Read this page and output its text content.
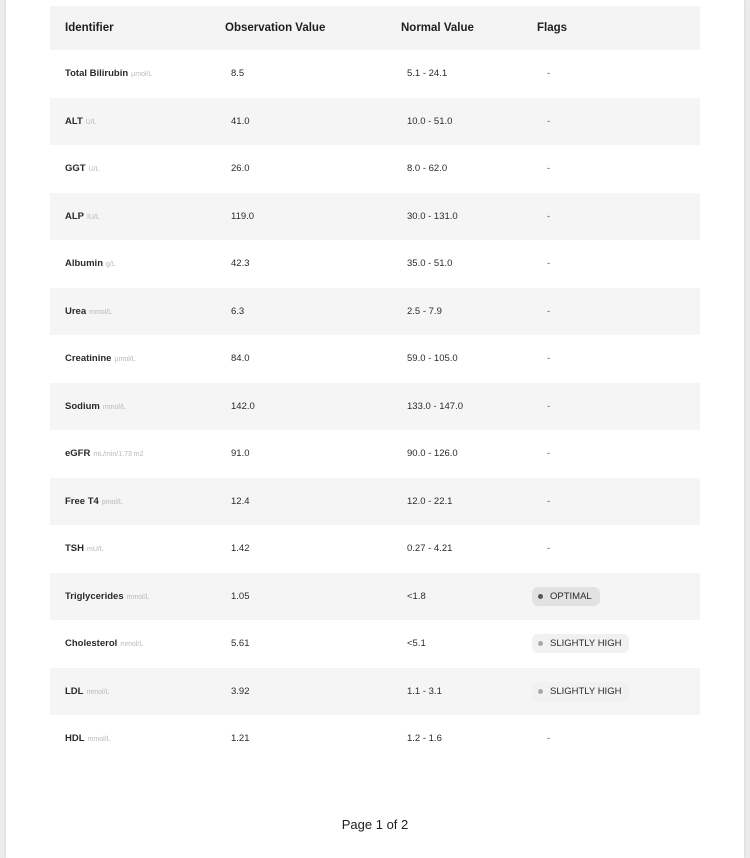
Identifier	Observation Value	Normal Value	Flags
Total Bilirubin µmol/L	8.5	5.1 - 24.1	-
ALT U/L	41.0	10.0 - 51.0	-
GGT U/L	26.0	8.0 - 62.0	-
ALP IU/L	119.0	30.0 - 131.0	-
Albumin g/L	42.3	35.0 - 51.0	-
Urea mmol/L	6.3	2.5 - 7.9	-
Creatinine µmol/L	84.0	59.0 - 105.0	-
Sodium mmol/L	142.0	133.0 - 147.0	-
eGFR mL/min/1.73 m2	91.0	90.0 - 126.0	-
Free T4 pmol/L	12.4	12.0 - 22.1	-
TSH mU/L	1.42	0.27 - 4.21	-
Triglycerides mmol/L	1.05	<1.8	OPTIMAL
Cholesterol mmol/L	5.61	<5.1	SLIGHTLY HIGH
LDL mmol/L	3.92	1.1 - 3.1	SLIGHTLY HIGH
HDL mmol/L	1.21	1.2 - 1.6	-
Page 1 of 2
